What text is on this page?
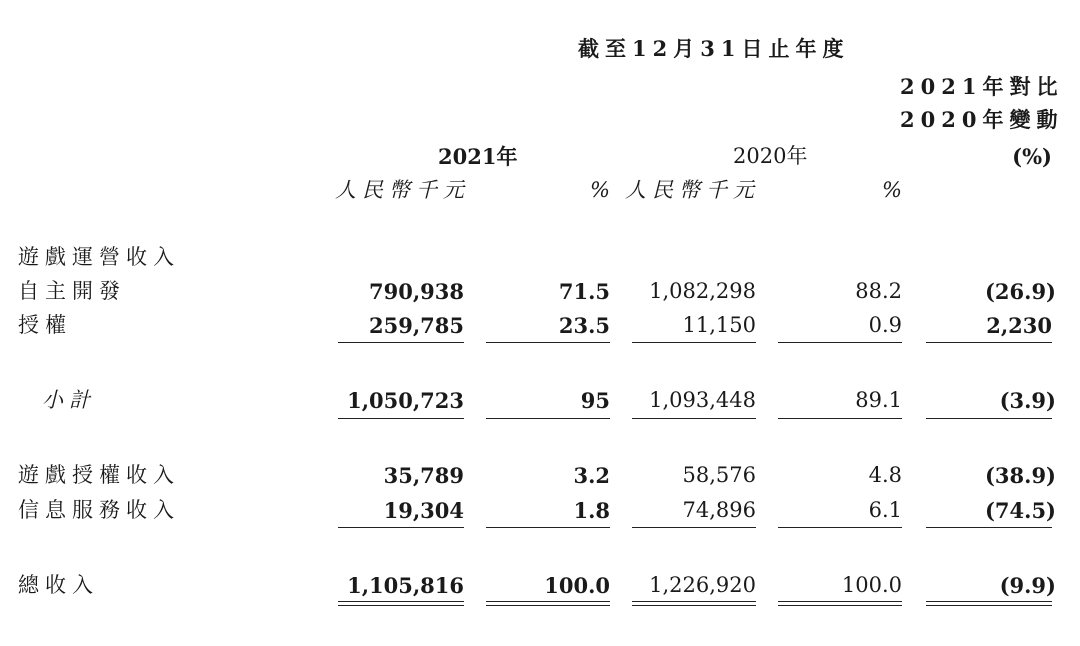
截至12月31日止年度
2021年對比
2020年變動
(%)
2021年	2020年
人民幣千元	% 人民幣千元	%
遊戲運營收入
自主開發	790,938	71.5	1,082,298	88.2	(26.9)
授權	259,785	23.5	11,150	0.9	2,230
小計	1,050,723	95	1,093,448	89.1	(3.9)
遊戲授權收入	35,789	3.2	58,576	4.8	(38.9)
信息服務收入	19,304	1.8	74,896	6.1	(74.5)
總收入	1,105,816	100.0	1,226,920	100.0	(9.9)
